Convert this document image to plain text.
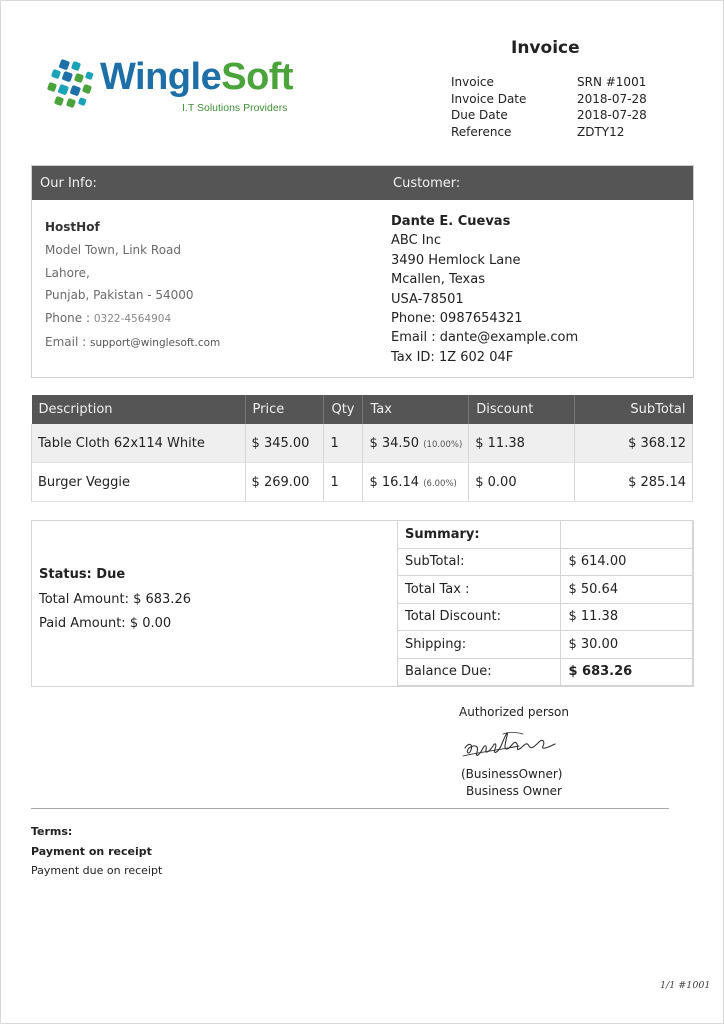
WingleSoft
I.T Solutions Providers
Invoice
Invoice	SRN #1001
Invoice Date	2018-07-28
Due Date	2018-07-28
Reference	ZDTY12
Our Info:	Customer:
HostHof
Model Town, Link Road
Lahore,
Punjab, Pakistan - 54000
Phone : 0322-4564904
Email : support@winglesoft.com
Dante E. Cuevas
ABC Inc
3490 Hemlock Lane
Mcallen, Texas
USA-78501
Phone: 0987654321
Email : dante@example.com
Tax ID: 1Z 602 04F
Description	Price	Qty	Tax	Discount	SubTotal
Table Cloth 62x114 White	$ 345.00	1	$ 34.50 (10.00%)	$ 11.38	$ 368.12
Burger Veggie	$ 269.00	1	$ 16.14 (6.00%)	$ 0.00	$ 285.14
Status: Due
Total Amount: $ 683.26
Paid Amount: $ 0.00
Summary:	
SubTotal:	$ 614.00
Total Tax :	$ 50.64
Total Discount:	$ 11.38
Shipping:	$ 30.00
Balance Due:	$ 683.26
Authorized person
(BusinessOwner)
Business Owner
Terms:
Payment on receipt
Payment due on receipt
1/1 #1001
